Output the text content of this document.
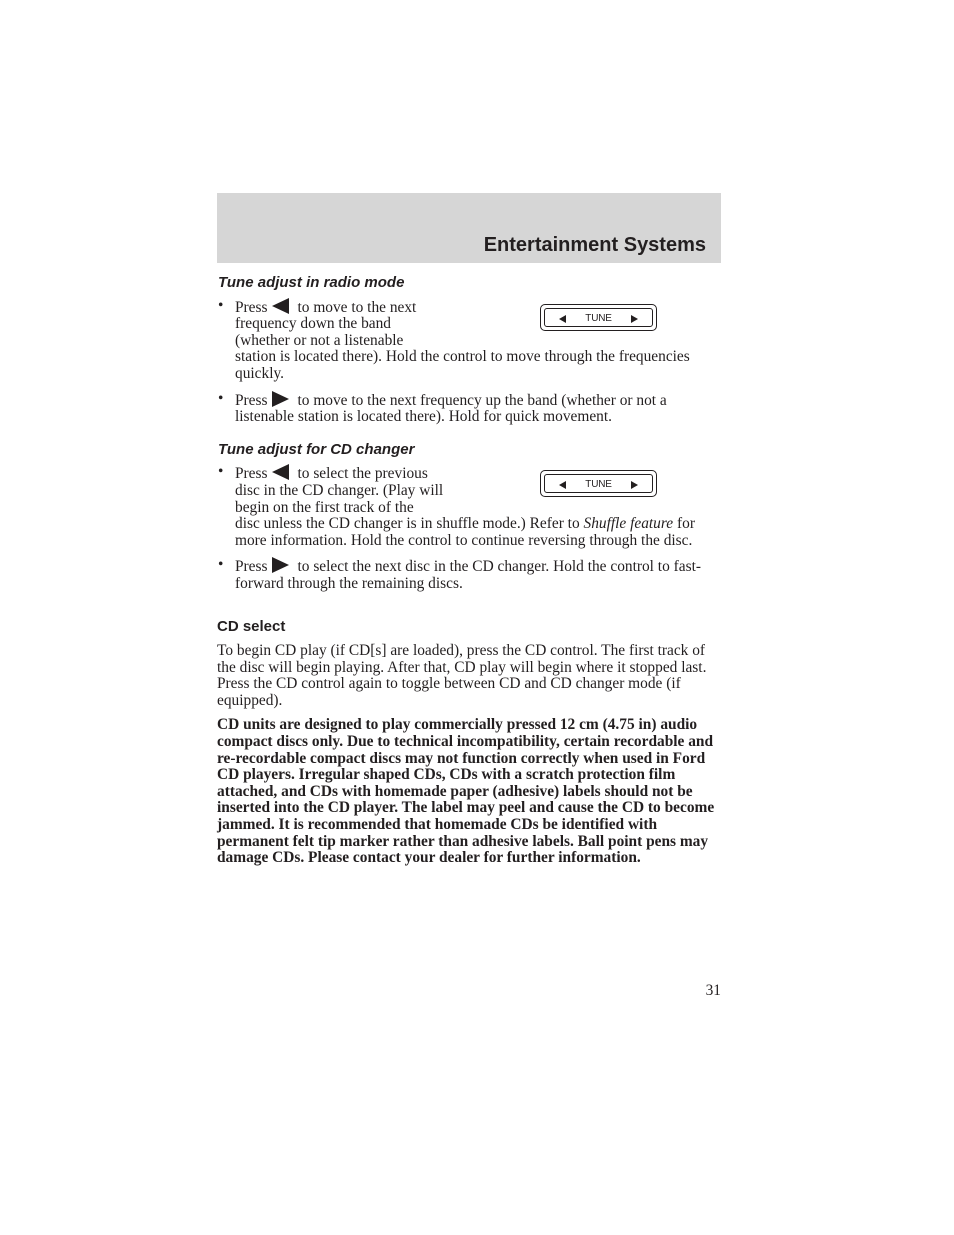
Entertainment Systems
TUNE
TUNE
Tune adjust in radio mode
• Press to move to the next
frequency down the band
(whether or not a listenable
station is located there). Hold the control to move through the frequencies quickly.
• Press to move to the next frequency up the band (whether or not a listenable station is located there). Hold for quick movement.
Tune adjust for CD changer
• Press to select the previous
disc in the CD changer. (Play will
begin on the first track of the
disc unless the CD changer is in shuffle mode.) Refer to Shuffle feature for more information. Hold the control to continue reversing through the disc.
• Press to select the next disc in the CD changer. Hold the control to fast-forward through the remaining discs.
CD select

To begin CD play (if CD[s] are loaded), press the CD control. The first track of the disc will begin playing. After that, CD play will begin where it stopped last. Press the CD control again to toggle between CD and CD changer mode (if equipped).

CD units are designed to play commercially pressed 12 cm (4.75 in) audio compact discs only. Due to technical incompatibility, certain recordable and re-recordable compact discs may not function correctly when used in Ford CD players. Irregular shaped CDs, CDs with a scratch protection film attached, and CDs with homemade paper (adhesive) labels should not be inserted into the CD player. The label may peel and cause the CD to become jammed. It is recommended that homemade CDs be identified with permanent felt tip marker rather than adhesive labels. Ball point pens may damage CDs. Please contact your dealer for further information.

31
